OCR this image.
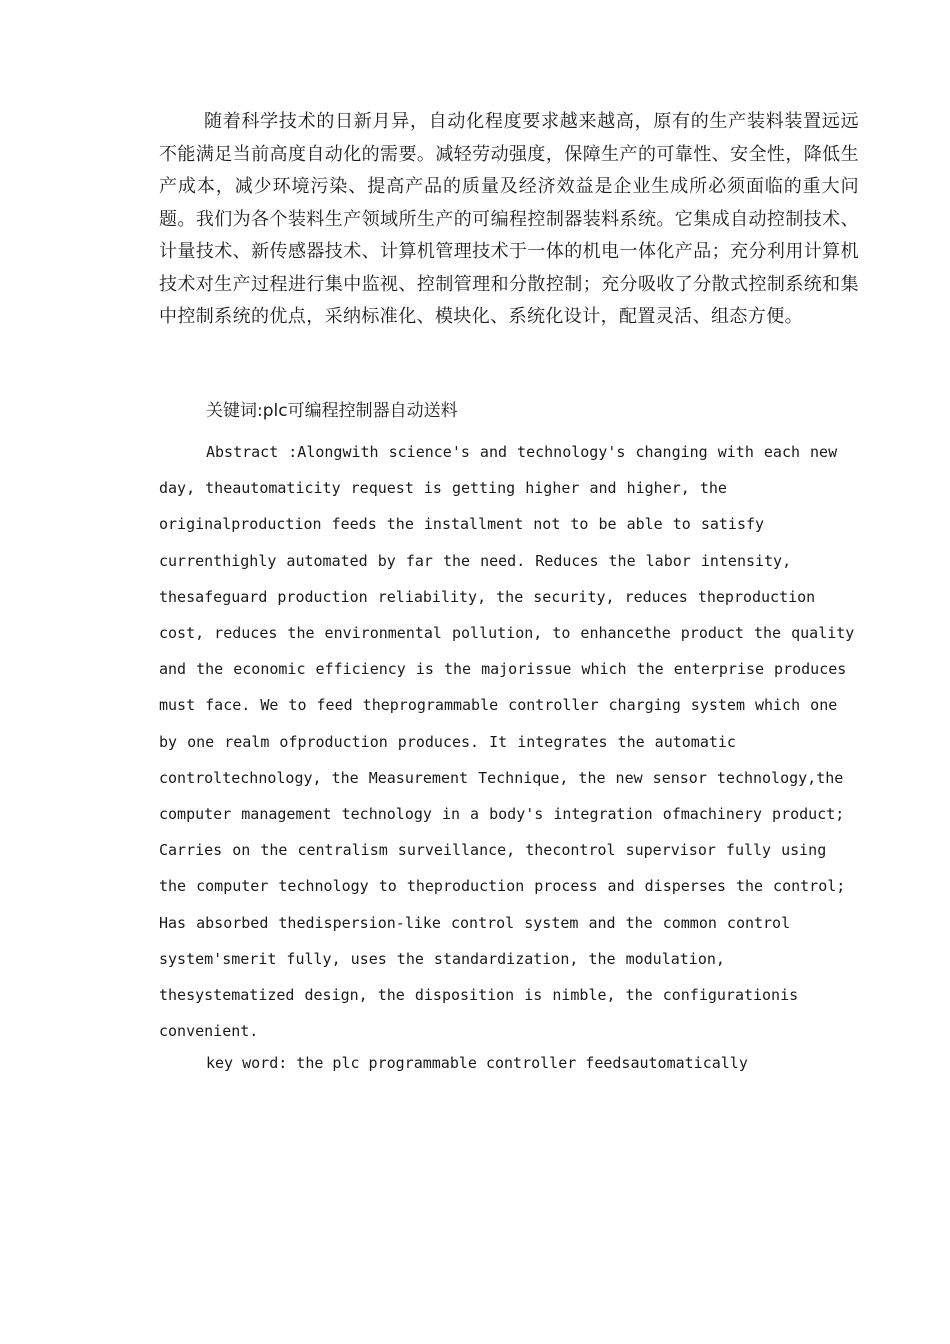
随着科学技术的日新月异，自动化程度要求越来越高，原有的生产装料装置远远不能满足当前高度自动化的需要。减轻劳动强度，保障生产的可靠性、安全性，降低生产成本，减少环境污染、提高产品的质量及经济效益是企业生成所必须面临的重大问题。我们为各个装料生产领域所生产的可编程控制器装料系统。它集成自动控制技术、计量技术、新传感器技术、计算机管理技术于一体的机电一体化产品；充分利用计算机技术对生产过程进行集中监视、控制管理和分散控制；充分吸收了分散式控制系统和集中控制系统的优点，采纳标准化、模块化、系统化设计，配置灵活、组态方便。

关键词:plc可编程控制器自动送料

Abstract :Alongwith science's and technology's changing with each new day, theautomaticity request is getting higher and higher, the originalproduction feeds the installment not to be able to satisfy currenthighly automated by far the need. Reduces the labor intensity, thesafeguard production reliability, the security, reduces theproduction cost, reduces the environmental pollution, to enhancethe product the quality and the economic efficiency is the majorissue which the enterprise produces must face. We to feed theprogrammable controller charging system which one by one realm ofproduction produces. It integrates the automatic controltechnology, the Measurement Technique, the new sensor technology,the computer management technology in a body's integration ofmachinery product; Carries on the centralism surveillance, thecontrol supervisor fully using the computer technology to theproduction process and disperses the control; Has absorbed thedispersion-like control system and the common control system'smerit fully, uses the standardization, the modulation, thesystematized design, the disposition is nimble, the configurationis convenient.

key word: the plc programmable controller feedsautomatically
